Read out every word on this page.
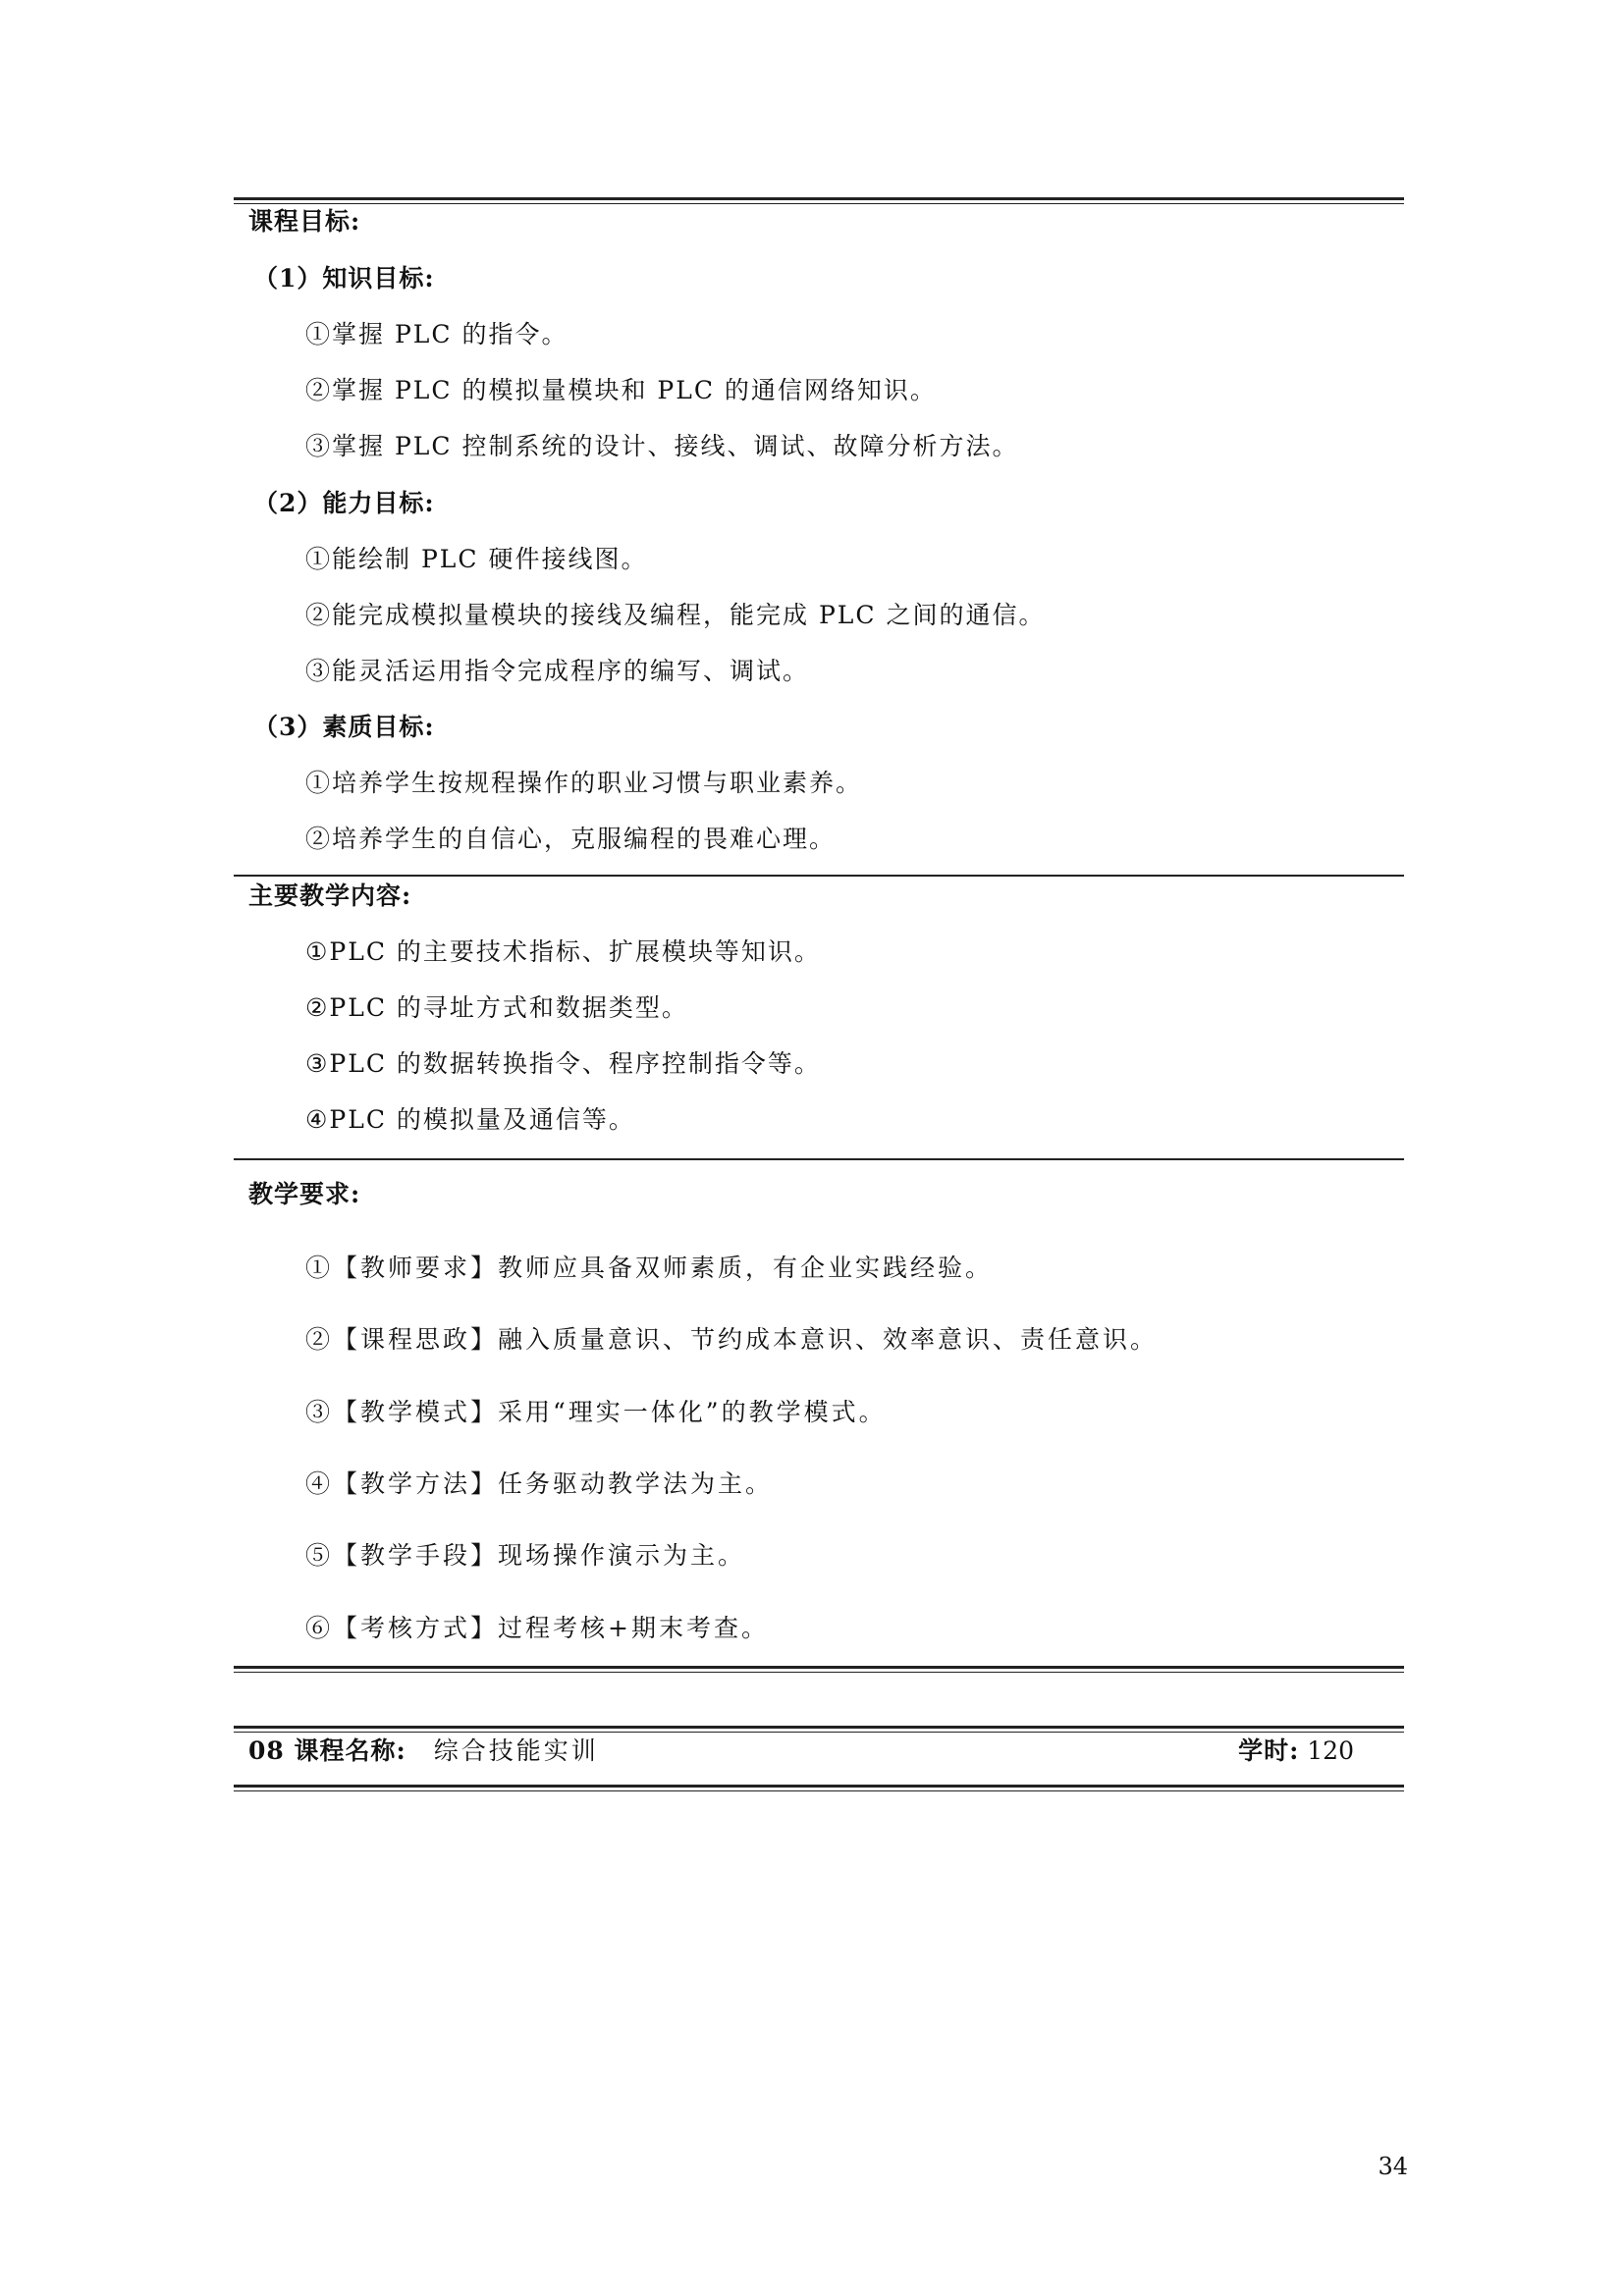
课程目标:
（1）知识目标:
①掌握 PLC 的指令。
②掌握 PLC 的模拟量模块和 PLC 的通信网络知识。
③掌握 PLC 控制系统的设计、接线、调试、故障分析方法。
（2）能力目标:
①能绘制 PLC 硬件接线图。
②能完成模拟量模块的接线及编程，能完成 PLC 之间的通信。
③能灵活运用指令完成程序的编写、调试。
（3）素质目标:
①培养学生按规程操作的职业习惯与职业素养。
②培养学生的自信心，克服编程的畏难心理。
主要教学内容:
①PLC 的主要技术指标、扩展模块等知识。
②PLC 的寻址方式和数据类型。
③PLC 的数据转换指令、程序控制指令等。
④PLC 的模拟量及通信等。
教学要求:
①【教师要求】教师应具备双师素质，有企业实践经验。
②【课程思政】融入质量意识、节约成本意识、效率意识、责任意识。
③【教学模式】采用“理实一体化”的教学模式。
④【教学方法】任务驱动教学法为主。
⑤【教学手段】现场操作演示为主。
⑥【考核方式】过程考核+期末考查。
08 课程名称: 综合技能实训	学时: 120
34
